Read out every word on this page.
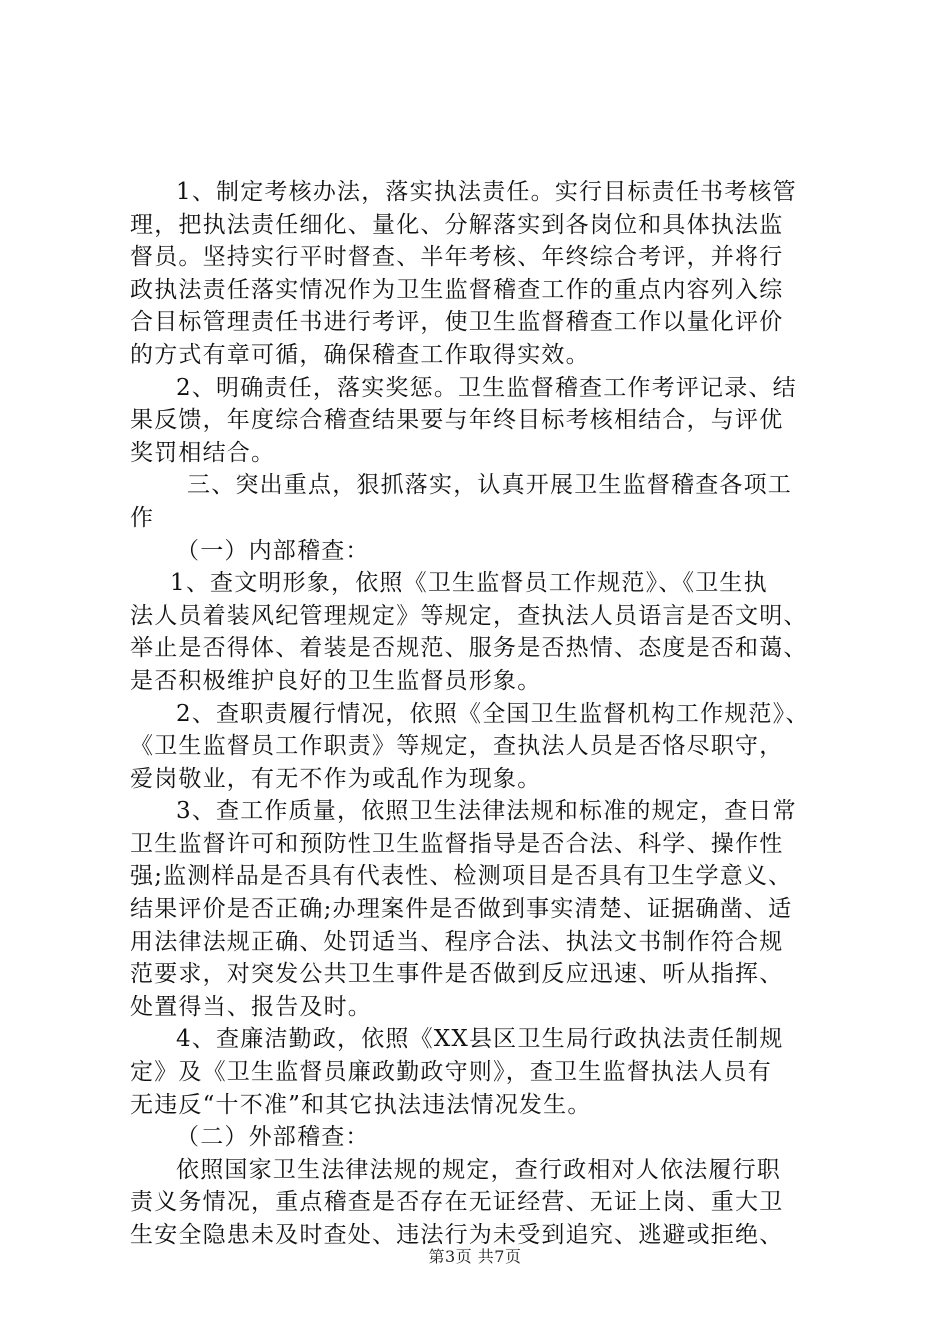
1、制定考核办法，落实执法责任。实行目标责任书考核管
理，把执法责任细化、量化、分解落实到各岗位和具体执法监
督员。坚持实行平时督查、半年考核、年终综合考评，并将行
政执法责任落实情况作为卫生监督稽查工作的重点内容列入综
合目标管理责任书进行考评，使卫生监督稽查工作以量化评价
的方式有章可循，确保稽查工作取得实效。
2、明确责任，落实奖惩。卫生监督稽查工作考评记录、结
果反馈，年度综合稽查结果要与年终目标考核相结合，与评优
奖罚相结合。
三、突出重点，狠抓落实，认真开展卫生监督稽查各项工
作
（一）内部稽查：
1、查文明形象，依照《卫生监督员工作规范》、《卫生执
法人员着装风纪管理规定》等规定，查执法人员语言是否文明、
举止是否得体、着装是否规范、服务是否热情、态度是否和蔼、
是否积极维护良好的卫生监督员形象。
2、查职责履行情况，依照《全国卫生监督机构工作规范》、
《卫生监督员工作职责》等规定，查执法人员是否恪尽职守，
爱岗敬业，有无不作为或乱作为现象。
3、查工作质量，依照卫生法律法规和标准的规定，查日常
卫生监督许可和预防性卫生监督指导是否合法、科学、操作性
强;监测样品是否具有代表性、检测项目是否具有卫生学意义、
结果评价是否正确;办理案件是否做到事实清楚、证据确凿、适
用法律法规正确、处罚适当、程序合法、执法文书制作符合规
范要求，对突发公共卫生事件是否做到反应迅速、听从指挥、
处置得当、报告及时。
4、查廉洁勤政，依照《XX县区卫生局行政执法责任制规
定》及《卫生监督员廉政勤政守则》，查卫生监督执法人员有
无违反“十不准”和其它执法违法情况发生。
（二）外部稽查：
依照国家卫生法律法规的规定，查行政相对人依法履行职
责义务情况，重点稽查是否存在无证经营、无证上岗、重大卫
生安全隐患未及时查处、违法行为未受到追究、逃避或拒绝、
第3页 共7页
